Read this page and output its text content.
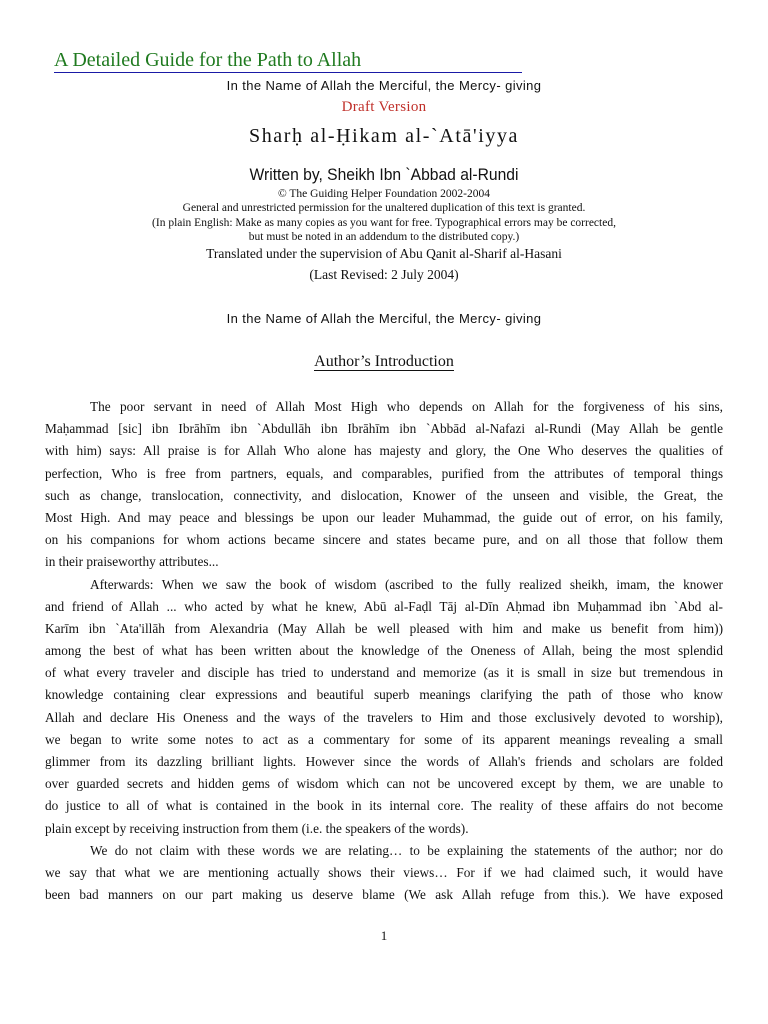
A Detailed Guide for the Path to Allah
In the Name of Allah the Merciful, the Mercy- giving
Draft Version
Sharḥ al-Ḥikam al-`Atā'iyya
Written by, Sheikh Ibn `Abbad al-Rundi
© The Guiding Helper Foundation 2002-2004
General and unrestricted permission for the unaltered duplication of this text is granted.
(In plain English: Make as many copies as you want for free. Typographical errors may be corrected,
but must be noted in an addendum to the distributed copy.)
Translated under the supervision of Abu Qanit al-Sharif al-Hasani
(Last Revised: 2 July 2004)
In the Name of Allah the Merciful, the Mercy- giving
Author’s Introduction
The poor servant in need of Allah Most High who depends on Allah for the forgiveness of his sins,
Maḥammad [sic] ibn Ibrāhīm ibn `Abdullāh ibn Ibrāhīm ibn `Abbād al-Nafazi al-Rundi (May Allah be gentle
with him) says: All praise is for Allah Who alone has majesty and glory, the One Who deserves the qualities of
perfection, Who is free from partners, equals, and comparables, purified from the attributes of temporal things
such as change, translocation, connectivity, and dislocation, Knower of the unseen and visible, the Great, the
Most High. And may peace and blessings be upon our leader Muhammad, the guide out of error, on his family,
on his companions for whom actions became sincere and states became pure, and on all those that follow them
in their praiseworthy attributes...
Afterwards: When we saw the book of wisdom (ascribed to the fully realized sheikh, imam, the knower
and friend of Allah ... who acted by what he knew, Abū al-Faḍl Tāj al-Dīn Aḥmad ibn Muḥammad ibn `Abd al-
Karīm ibn `Ata'illāh from Alexandria (May Allah be well pleased with him and make us benefit from him))
among the best of what has been written about the knowledge of the Oneness of Allah, being the most splendid
of what every traveler and disciple has tried to understand and memorize (as it is small in size but tremendous in
knowledge containing clear expressions and beautiful superb meanings clarifying the path of those who know
Allah and declare His Oneness and the ways of the travelers to Him and those exclusively devoted to worship),
we began to write some notes to act as a commentary for some of its apparent meanings revealing a small
glimmer from its dazzling brilliant lights. However since the words of Allah's friends and scholars are folded
over guarded secrets and hidden gems of wisdom which can not be uncovered except by them, we are unable to
do justice to all of what is contained in the book in its internal core. The reality of these affairs do not become
plain except by receiving instruction from them (i.e. the speakers of the words).
We do not claim with these words we are relating… to be explaining the statements of the author; nor do
we say that what we are mentioning actually shows their views… For if we had claimed such, it would have
been bad manners on our part making us deserve blame (We ask Allah refuge from this.). We have exposed
1
